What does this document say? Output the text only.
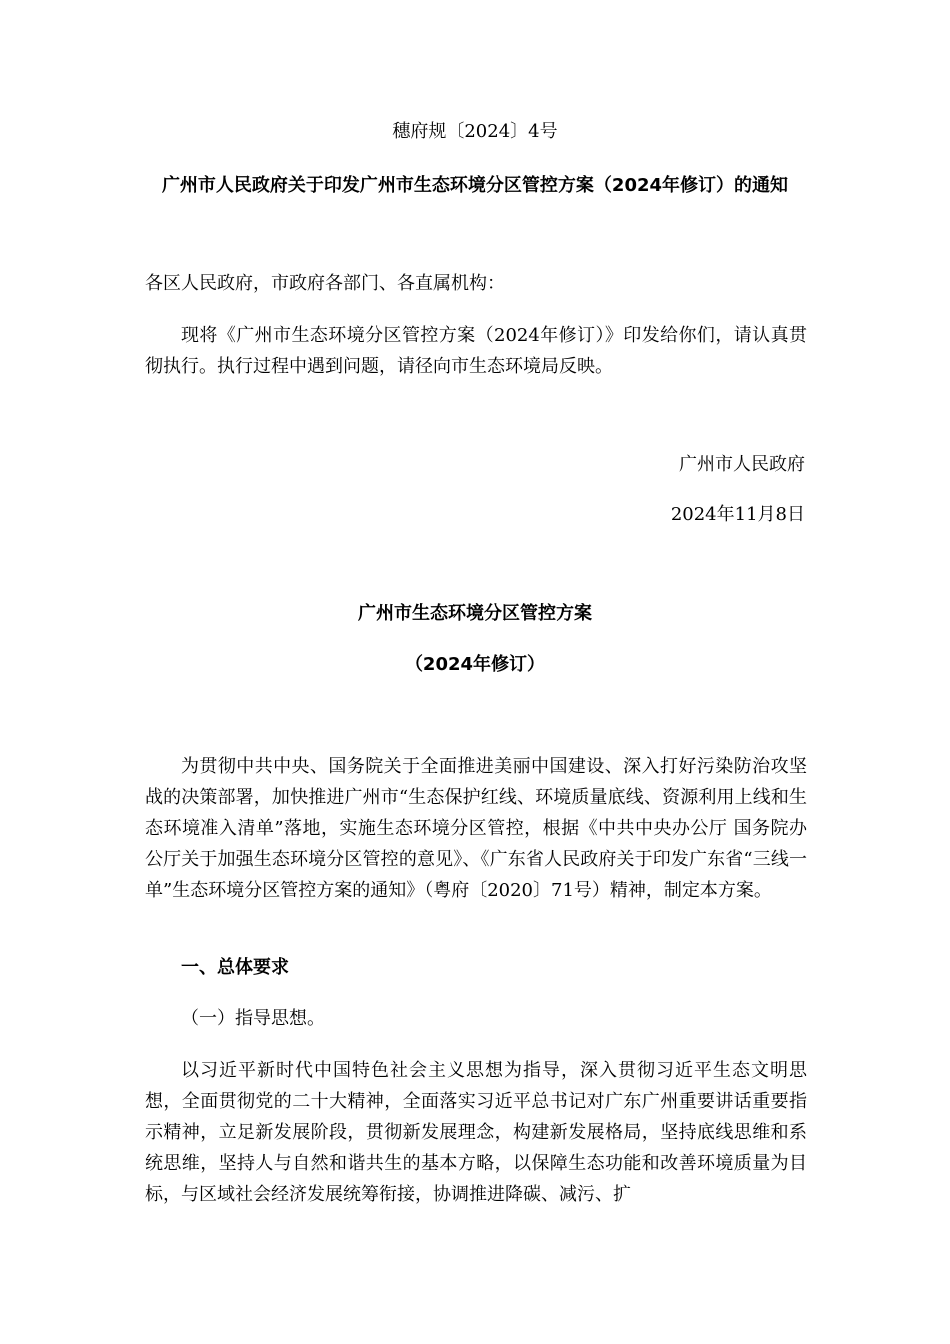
穗府规〔2024〕4号
广州市人民政府关于印发广州市生态环境分区管控方案（2024年修订）的通知
各区人民政府，市政府各部门、各直属机构：
现将《广州市生态环境分区管控方案（2024年修订）》印发给你们，请认真贯彻执行。执行过程中遇到问题，请径向市生态环境局反映。
广州市人民政府
2024年11月8日
广州市生态环境分区管控方案
（2024年修订）
为贯彻中共中央、国务院关于全面推进美丽中国建设、深入打好污染防治攻坚战的决策部署，加快推进广州市“生态保护红线、环境质量底线、资源利用上线和生态环境准入清单”落地，实施生态环境分区管控，根据《中共中央办公厅 国务院办公厅关于加强生态环境分区管控的意见》、《广东省人民政府关于印发广东省“三线一单”生态环境分区管控方案的通知》（粤府〔2020〕71号）精神，制定本方案。
一、总体要求
（一）指导思想。
以习近平新时代中国特色社会主义思想为指导，深入贯彻习近平生态文明思想，全面贯彻党的二十大精神，全面落实习近平总书记对广东广州重要讲话重要指示精神，立足新发展阶段，贯彻新发展理念，构建新发展格局，坚持底线思维和系统思维，坚持人与自然和谐共生的基本方略，以保障生态功能和改善环境质量为目标，与区域社会经济发展统筹衔接，协调推进降碳、减污、扩
